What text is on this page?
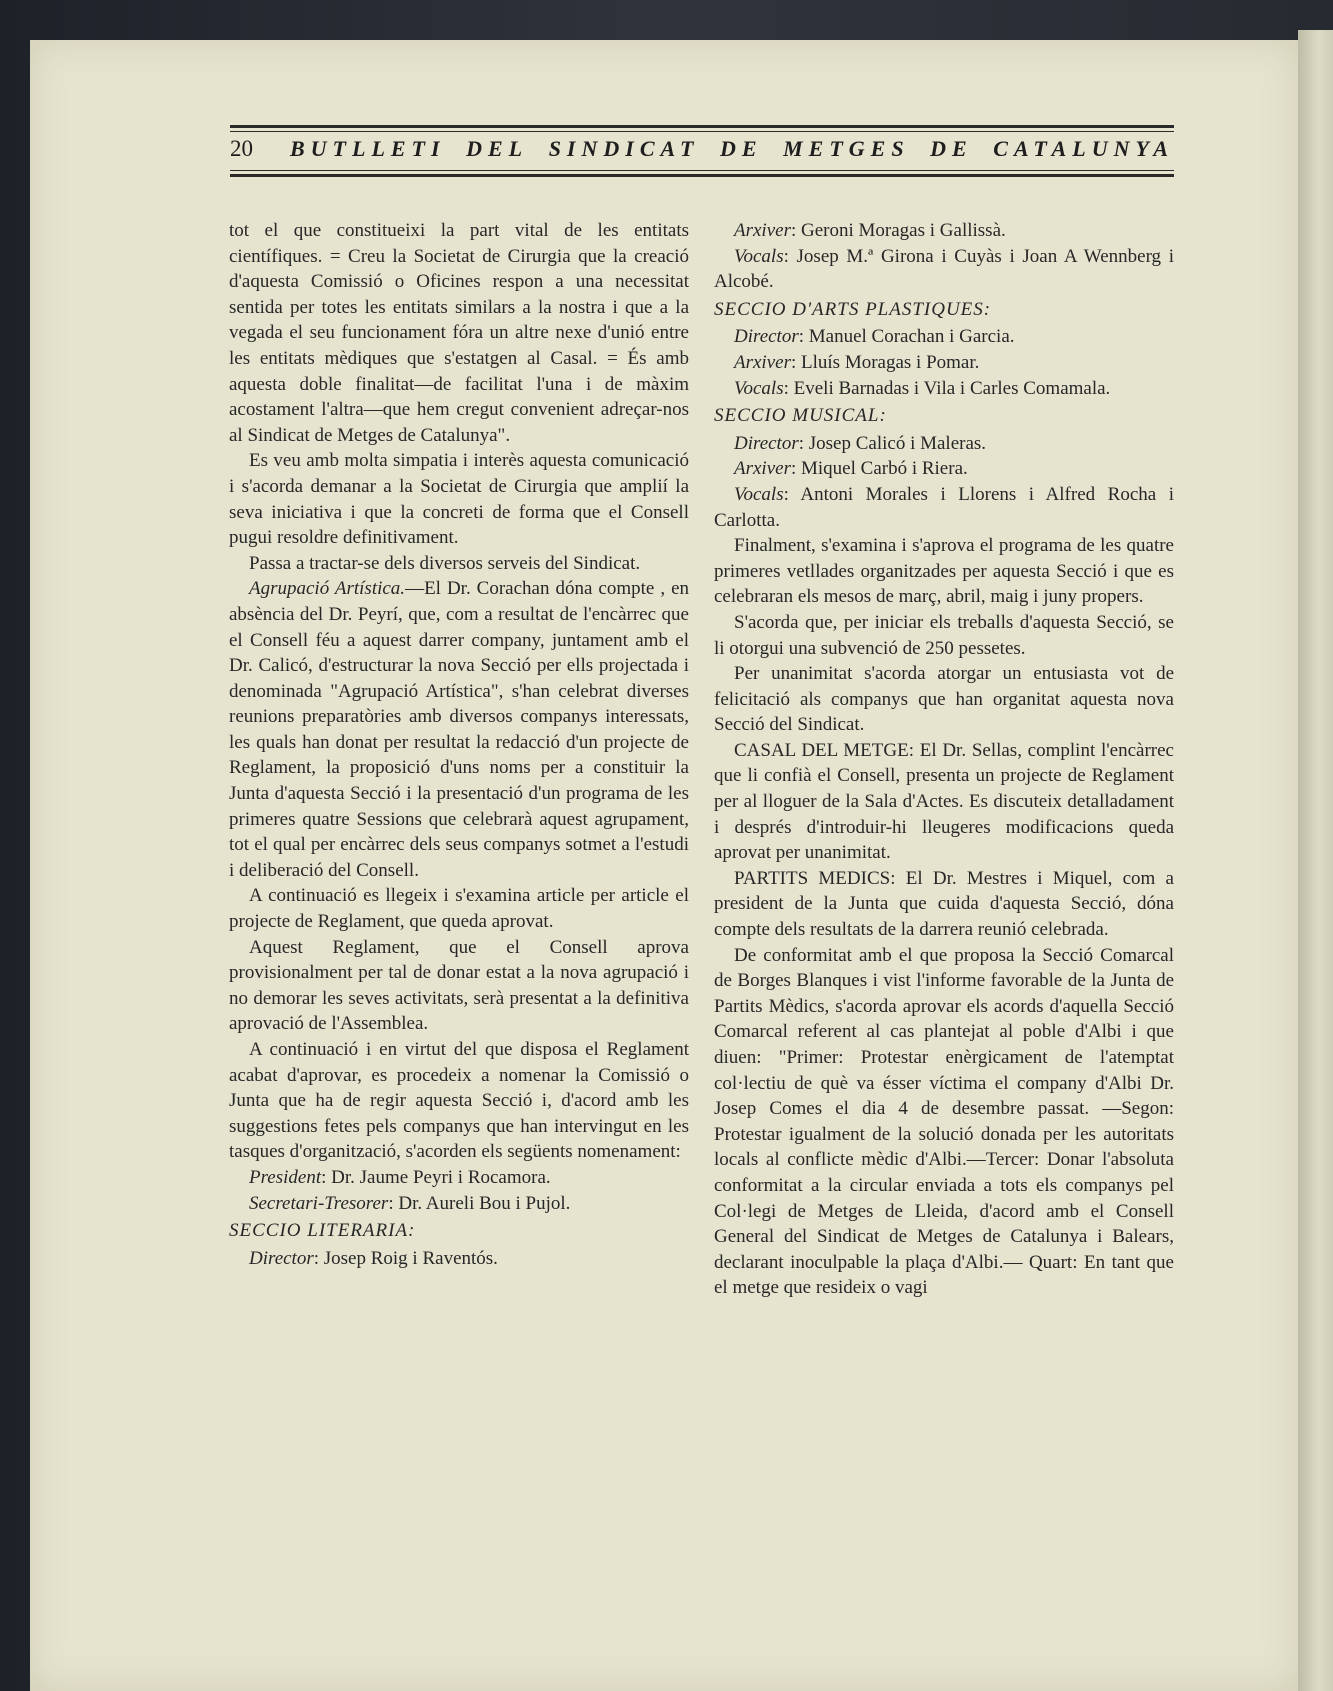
20	BUTLLETI DEL SINDICAT DE METGES DE CATALUNYA

tot el que constitueixi la part vital de les entitats científiques. = Creu la Societat de Cirurgia que la creació d'aquesta Comissió o Oficines respon a una necessitat sentida per totes les entitats similars a la nostra i que a la vegada el seu funcionament fóra un altre nexe d'unió entre les entitats mèdiques que s'estatgen al Casal. = És amb aquesta doble finalitat—de facilitat l'una i de màxim acostament l'altra—que hem cregut convenient adreçar-nos al Sindicat de Metges de Catalunya".

Es veu amb molta simpatia i interès aquesta comunicació i s'acorda demanar a la Societat de Cirurgia que amplií la seva iniciativa i que la concreti de forma que el Consell pugui resoldre definitivament.

Passa a tractar-se dels diversos serveis del Sindicat.

Agrupació Artística.—El Dr. Corachan dóna compte , en absència del Dr. Peyrí, que, com a resultat de l'encàrrec que el Consell féu a aquest darrer company, juntament amb el Dr. Calicó, d'estructurar la nova Secció per ells projectada i denominada "Agrupació Artística", s'han celebrat diverses reunions preparatòries amb diversos companys interessats, les quals han donat per resultat la redacció d'un projecte de Reglament, la proposició d'uns noms per a constituir la Junta d'aquesta Secció i la presentació d'un programa de les primeres quatre Sessions que celebrarà aquest agrupament, tot el qual per encàrrec dels seus companys sotmet a l'estudi i deliberació del Consell.

A continuació es llegeix i s'examina article per article el projecte de Reglament, que queda aprovat.

Aquest Reglament, que el Consell aprova provisionalment per tal de donar estat a la nova agrupació i no demorar les seves activitats, serà presentat a la definitiva aprovació de l'Assemblea.

A continuació i en virtut del que disposa el Reglament acabat d'aprovar, es procedeix a nomenar la Comissió o Junta que ha de regir aquesta Secció i, d'acord amb les suggestions fetes pels companys que han intervingut en les tasques d'organització, s'acorden els següents nomenament:

President: Dr. Jaume Peyri i Rocamora.

Secretari-Tresorer: Dr. Aureli Bou i Pujol.

SECCIO LITERARIA:

Director: Josep Roig i Raventós.

Arxiver: Geroni Moragas i Gallissà.

Vocals: Josep M.ª Girona i Cuyàs i Joan A Wennberg i Alcobé.

SECCIO D'ARTS PLASTIQUES:

Director: Manuel Corachan i Garcia.

Arxiver: Lluís Moragas i Pomar.

Vocals: Eveli Barnadas i Vila i Carles Comamala.

SECCIO MUSICAL:

Director: Josep Calicó i Maleras.

Arxiver: Miquel Carbó i Riera.

Vocals: Antoni Morales i Llorens i Alfred Rocha i Carlotta.

Finalment, s'examina i s'aprova el programa de les quatre primeres vetllades organitzades per aquesta Secció i que es celebraran els mesos de març, abril, maig i juny propers.

S'acorda que, per iniciar els treballs d'aquesta Secció, se li otorgui una subvenció de 250 pessetes.

Per unanimitat s'acorda atorgar un entusiasta vot de felicitació als companys que han organitat aquesta nova Secció del Sindicat.

CASAL DEL METGE: El Dr. Sellas, complint l'encàrrec que li confià el Consell, presenta un projecte de Reglament per al lloguer de la Sala d'Actes. Es discuteix detalladament i després d'introduir-hi lleugeres modificacions queda aprovat per unanimitat.

PARTITS MEDICS: El Dr. Mestres i Miquel, com a president de la Junta que cuida d'aquesta Secció, dóna compte dels resultats de la darrera reunió celebrada.

De conformitat amb el que proposa la Secció Comarcal de Borges Blanques i vist l'informe favorable de la Junta de Partits Mèdics, s'acorda aprovar els acords d'aquella Secció Comarcal referent al cas plantejat al poble d'Albi i que diuen: "Primer: Protestar enèrgicament de l'atemptat col·lectiu de què va ésser víctima el company d'Albi Dr. Josep Comes el dia 4 de desembre passat. —Segon: Protestar igualment de la solució donada per les autoritats locals al conflicte mèdic d'Albi.—Tercer: Donar l'absoluta conformitat a la circular enviada a tots els companys pel Col·legi de Metges de Lleida, d'acord amb el Consell General del Sindicat de Metges de Catalunya i Balears, declarant inoculpable la plaça d'Albi.— Quart: En tant que el metge que resideix o vagi
